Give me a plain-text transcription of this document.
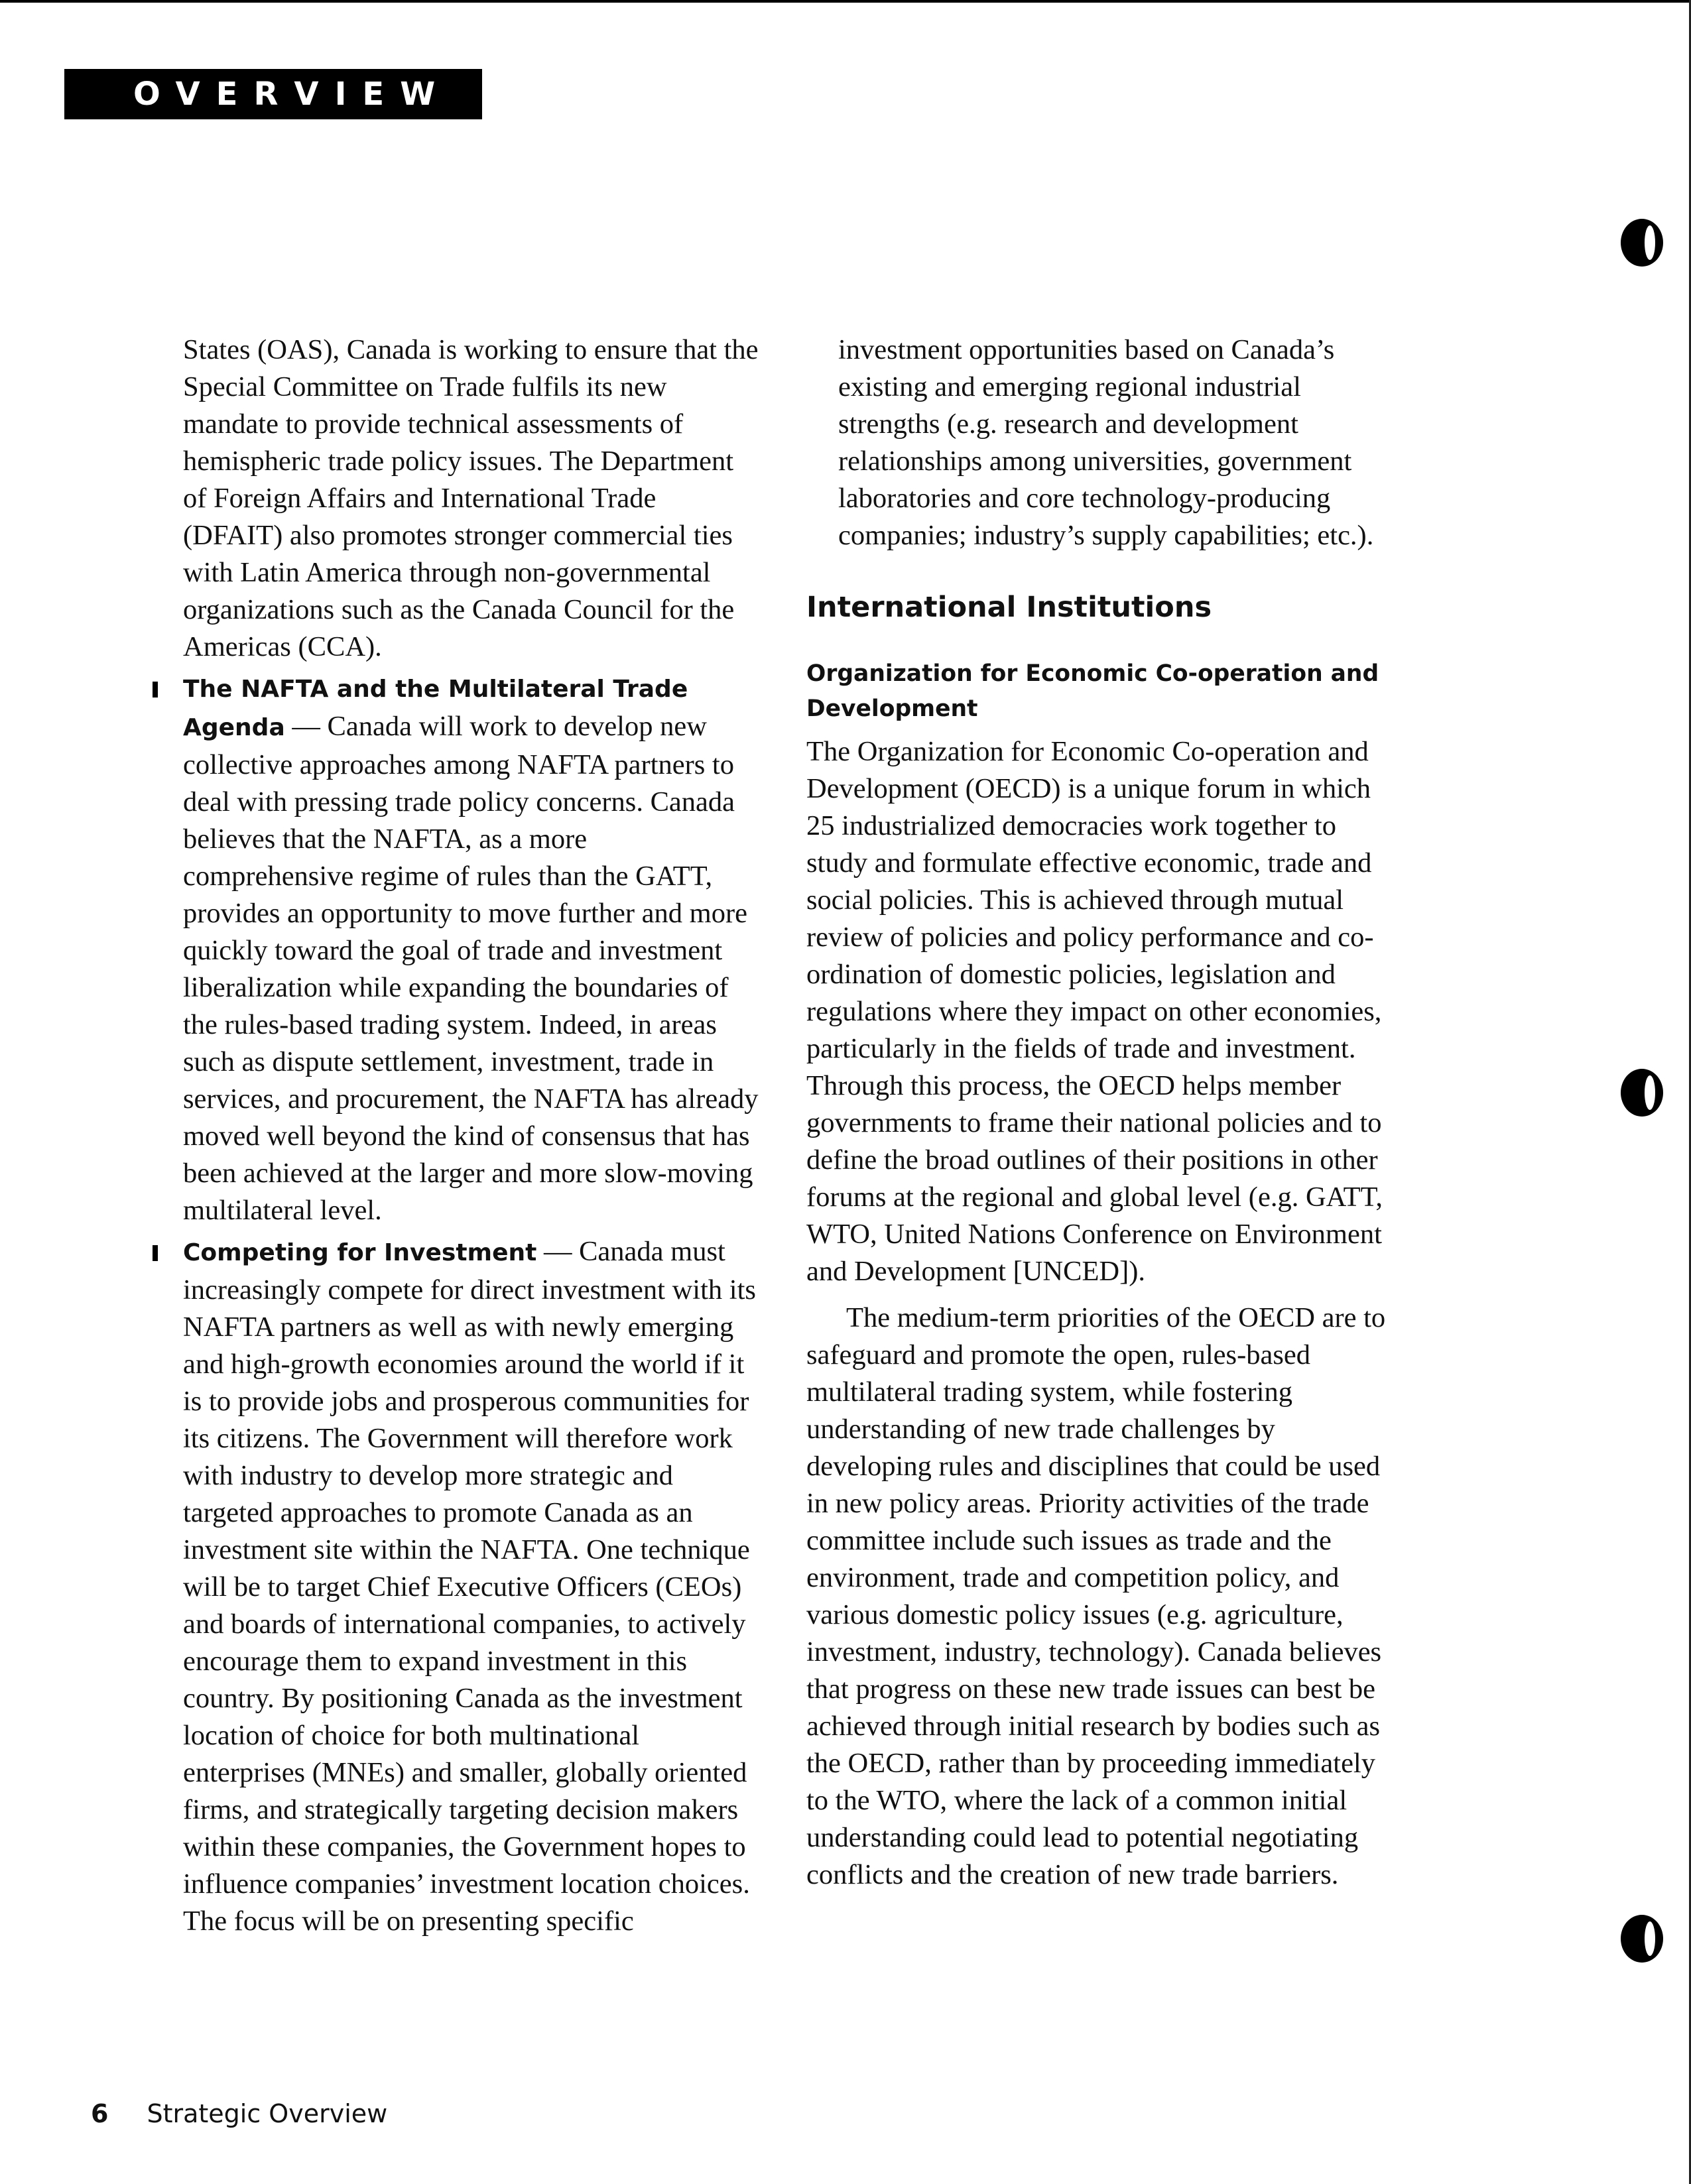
OVERVIEW

States (OAS), Canada is working to ensure that the Special Committee on Trade fulfils its new mandate to provide technical assessments of hemispheric trade policy issues. The Department of Foreign Affairs and International Trade (DFAIT) also promotes stronger commercial ties with Latin America through non-governmental organizations such as the Canada Council for the Americas (CCA).

The NAFTA and the Multilateral Trade Agenda — Canada will work to develop new collective approaches among NAFTA partners to deal with pressing trade policy concerns. Canada believes that the NAFTA, as a more comprehensive regime of rules than the GATT, provides an opportunity to move further and more quickly toward the goal of trade and investment liberalization while expanding the boundaries of the rules-based trading system. Indeed, in areas such as dispute settlement, investment, trade in services, and procurement, the NAFTA has already moved well beyond the kind of consensus that has been achieved at the larger and more slow-moving multilateral level.
Competing for Investment — Canada must increasingly compete for direct investment with its NAFTA partners as well as with newly emerging and high-growth economies around the world if it is to provide jobs and prosperous communities for its citizens. The Government will therefore work with industry to develop more strategic and targeted approaches to promote Canada as an investment site within the NAFTA. One technique will be to target Chief Executive Officers (CEOs) and boards of international companies, to actively encourage them to expand investment in this country. By positioning Canada as the investment location of choice for both multinational enterprises (MNEs) and smaller, globally oriented firms, and strategically targeting decision makers within these companies, the Government hopes to influence companies’ investment location choices. The focus will be on presenting specific

investment opportunities based on Canada’s existing and emerging regional industrial strengths (e.g. research and development relationships among universities, government laboratories and core technology-producing companies; industry’s supply capabilities; etc.).

International Institutions
Organization for Economic Co-operation and Development

The Organization for Economic Co-operation and Development (OECD) is a unique forum in which 25 industrialized democracies work together to study and formulate effective economic, trade and social policies. This is achieved through mutual review of policies and policy performance and co-ordination of domestic policies, legislation and regulations where they impact on other economies, particularly in the fields of trade and investment. Through this process, the OECD helps member governments to frame their national policies and to define the broad outlines of their positions in other forums at the regional and global level (e.g. GATT, WTO, United Nations Conference on Environment and Development [UNCED]).

The medium-term priorities of the OECD are to safeguard and promote the open, rules-based multilateral trading system, while fostering understanding of new trade challenges by developing rules and disciplines that could be used in new policy areas. Priority activities of the trade committee include such issues as trade and the environment, trade and competition policy, and various domestic policy issues (e.g. agriculture, investment, industry, technology). Canada believes that progress on these new trade issues can best be achieved through initial research by bodies such as the OECD, rather than by proceeding immediately to the WTO, where the lack of a common initial understanding could lead to potential negotiating conflicts and the creation of new trade barriers.

6 Strategic Overview
